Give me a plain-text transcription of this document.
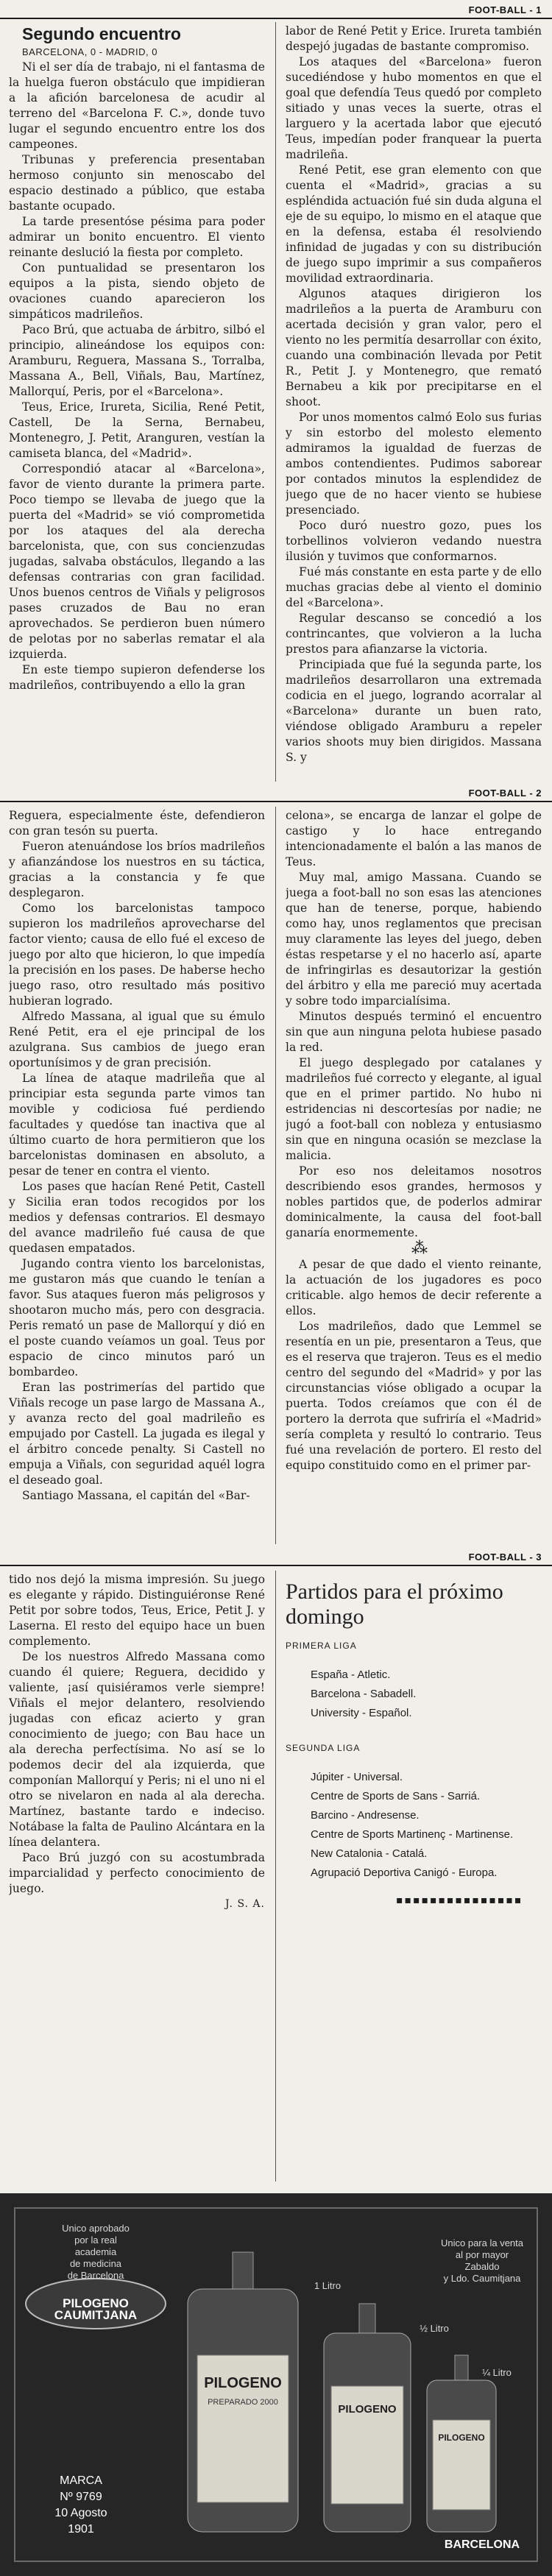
FOOT-BALL - 1

Segundo encuentro

BARCELONA, 0 - MADRID, 0

Ni el ser día de trabajo, ni el fantasma de la huelga fueron obstáculo que impidieran a la afición barcelonesa de acudir al terreno del «Barcelona F. C.», donde tuvo lugar el segundo encuentro entre los dos campeones.

Tribunas y preferencia presentaban hermoso conjunto sin menoscabo del espacio destinado a público, que estaba bastante ocupado.

La tarde presentóse pésima para poder admirar un bonito encuentro. El viento reinante deslució la fiesta por completo.

Con puntualidad se presentaron los equipos a la pista, siendo objeto de ovaciones cuando aparecieron los simpáticos madrileños.

Paco Brú, que actuaba de árbitro, silbó el principio, alineándose los equipos con: Aramburu, Reguera, Massana S., Torralba, Massana A., Bell, Viñals, Bau, Martínez, Mallorquí, Peris, por el «Barcelona».

Teus, Erice, Irureta, Sicilia, René Petit, Castell, De la Serna, Bernabeu, Montenegro, J. Petit, Aranguren, vestían la camiseta blanca, del «Madrid».

Correspondió atacar al «Barcelona», favor de viento durante la primera parte. Poco tiempo se llevaba de juego que la puerta del «Madrid» se vió comprometida por los ataques del ala derecha barcelonista, que, con sus concienzudas jugadas, salvaba obstáculos, llegando a las defensas contrarias con gran facilidad. Unos buenos centros de Viñals y peligrosos pases cruzados de Bau no eran aprovechados. Se perdieron buen número de pelotas por no saberlas rematar el ala izquierda.

En este tiempo supieron defenderse los madrileños, contribuyendo a ello la gran

labor de René Petit y Erice. Irureta también despejó jugadas de bastante compromiso.

Los ataques del «Barcelona» fueron sucediéndose y hubo momentos en que el goal que defendía Teus quedó por completo sitiado y unas veces la suerte, otras el larguero y la acertada labor que ejecutó Teus, impedían poder franquear la puerta madrileña.

René Petit, ese gran elemento con que cuenta el «Madrid», gracias a su espléndida actuación fué sin duda alguna el eje de su equipo, lo mismo en el ataque que en la defensa, estaba él resolviendo infinidad de jugadas y con su distribución de juego supo imprimir a sus compañeros movilidad extraordinaria.

Algunos ataques dirigieron los madrileños a la puerta de Aramburu con acertada decisión y gran valor, pero el viento no les permitía desarrollar con éxito, cuando una combinación llevada por Petit R., Petit J. y Montenegro, que remató Bernabeu a kik por precipitarse en el shoot.

Por unos momentos calmó Eolo sus furias y sin estorbo del molesto elemento admiramos la igualdad de fuerzas de ambos contendientes. Pudimos saborear por contados minutos la esplendidez de juego que de no hacer viento se hubiese presenciado.

Poco duró nuestro gozo, pues los torbellinos volvieron vedando nuestra ilusión y tuvimos que conformarnos.

Fué más constante en esta parte y de ello muchas gracias debe al viento el dominio del «Barcelona».

Regular descanso se concedió a los contrincantes, que volvieron a la lucha prestos para afianzarse la victoria.

Principiada que fué la segunda parte, los madrileños desarrollaron una extremada codicia en el juego, logrando acorralar al «Barcelona» durante un buen rato, viéndose obligado Aramburu a repeler varios shoots muy bien dirigidos. Massana S. y

FOOT-BALL - 2

Reguera, especialmente éste, defendieron con gran tesón su puerta.

Fueron atenuándose los bríos madrileños y afianzándose los nuestros en su táctica, gracias a la constancia y fe que desplegaron.

Como los barcelonistas tampoco supieron los madrileños aprovecharse del factor viento; causa de ello fué el exceso de juego por alto que hicieron, lo que impedía la precisión en los pases. De haberse hecho juego raso, otro resultado más positivo hubieran logrado.

Alfredo Massana, al igual que su émulo René Petit, era el eje principal de los azulgrana. Sus cambios de juego eran oportunísimos y de gran precisión.

La línea de ataque madrileña que al principiar esta segunda parte vimos tan movible y codiciosa fué perdiendo facultades y quedóse tan inactiva que al último cuarto de hora permitieron que los barcelonistas dominasen en absoluto, a pesar de tener en contra el viento.

Los pases que hacían René Petit, Castell y Sicilia eran todos recogidos por los medios y defensas contrarios. El desmayo del avance madrileño fué causa de que quedasen empatados.

Jugando contra viento los barcelonistas, me gustaron más que cuando le tenían a favor. Sus ataques fueron más peligrosos y shootaron mucho más, pero con desgracia. Peris remató un pase de Mallorquí y dió en el poste cuando veíamos un goal. Teus por espacio de cinco minutos paró un bombardeo.

Eran las postrimerías del partido que Viñals recoge un pase largo de Massana A., y avanza recto del goal madrileño es empujado por Castell. La jugada es ilegal y el árbitro concede penalty. Si Castell no empuja a Viñals, con seguridad aquél logra el deseado goal.

Santiago Massana, el capitán del «Bar-

celona», se encarga de lanzar el golpe de castigo y lo hace entregando intencionadamente el balón a las manos de Teus.

Muy mal, amigo Massana. Cuando se juega a foot-ball no son esas las atenciones que han de tenerse, porque, habiendo como hay, unos reglamentos que precisan muy claramente las leyes del juego, deben éstas respetarse y el no hacerlo así, aparte de infringirlas es desautorizar la gestión del árbitro y ella me pareció muy acertada y sobre todo imparcialísima.

Minutos después terminó el encuentro sin que aun ninguna pelota hubiese pasado la red.

El juego desplegado por catalanes y madrileños fué correcto y elegante, al igual que en el primer partido. No hubo ni estridencias ni descortesías por nadie; ne jugó a foot-ball con nobleza y entusiasmo sin que en ninguna ocasión se mezclase la malicia.

Por eso nos deleitamos nosotros describiendo esos grandes, hermosos y nobles partidos que, de poderlos admirar dominicalmente, la causa del foot-ball ganaría enormemente.

⁂

A pesar de que dado el viento reinante, la actuación de los jugadores es poco criticable. algo hemos de decir referente a ellos.

Los madrileños, dado que Lemmel se resentía en un pie, presentaron a Teus, que es el reserva que trajeron. Teus es el medio centro del segundo del «Madrid» y por las circunstancias vióse obligado a ocupar la puerta. Todos creíamos que con él de portero la derrota que sufriría el «Madrid» sería completa y resultó lo contrario. Teus fué una revelación de portero. El resto del equipo constituido como en el primer par-

FOOT-BALL - 3

tido nos dejó la misma impresión. Su juego es elegante y rápido. Distinguiéronse René Petit por sobre todos, Teus, Erice, Petit J. y Laserna. El resto del equipo hace un buen complemento.

De los nuestros Alfredo Massana como cuando él quiere; Reguera, decidido y valiente, ¡así quisiéramos verle siempre! Viñals el mejor delantero, resolviendo jugadas con eficaz acierto y gran conocimiento de juego; con Bau hace un ala derecha perfectísima. No así se lo podemos decir del ala izquierda, que componían Mallorquí y Peris; ni el uno ni el otro se nivelaron en nada al ala derecha. Martínez, bastante tardo e indeciso. Notábase la falta de Paulino Alcántara en la línea delantera.

Paco Brú juzgó con su acostumbrada imparcialidad y perfecto conocimiento de juego.

J. S. A.

Partidos para el próximo domingo
PRIMERA LIGA
España - Atletic.
Barcelona - Sabadell.
University - Español.
SEGUNDA LIGA
Júpiter - Universal.
Centre de Sports de Sans - Sarriá.
Barcino - Andresense.
Centre de Sports Martinenç - Martinense.
New Catalonia - Catalá.
Agrupació Deportiva Canigó - Europa.
▪▪▪▪▪▪▪▪▪▪▪▪▪▪▪
Unico aprobado
por la real
academia
de medicina
de Barcelona
PILOGENO CAUMITJANA
MARCA
Nº 9769
10 Agosto
1901
PILOGENO
PREPARADO 2000
PILOGENO
PILOGENO
1 Litro
½ Litro
¼ Litro
Unico para la venta
al por mayor
Zabaldo
y Ldo. Caumitjana
BARCELONA
